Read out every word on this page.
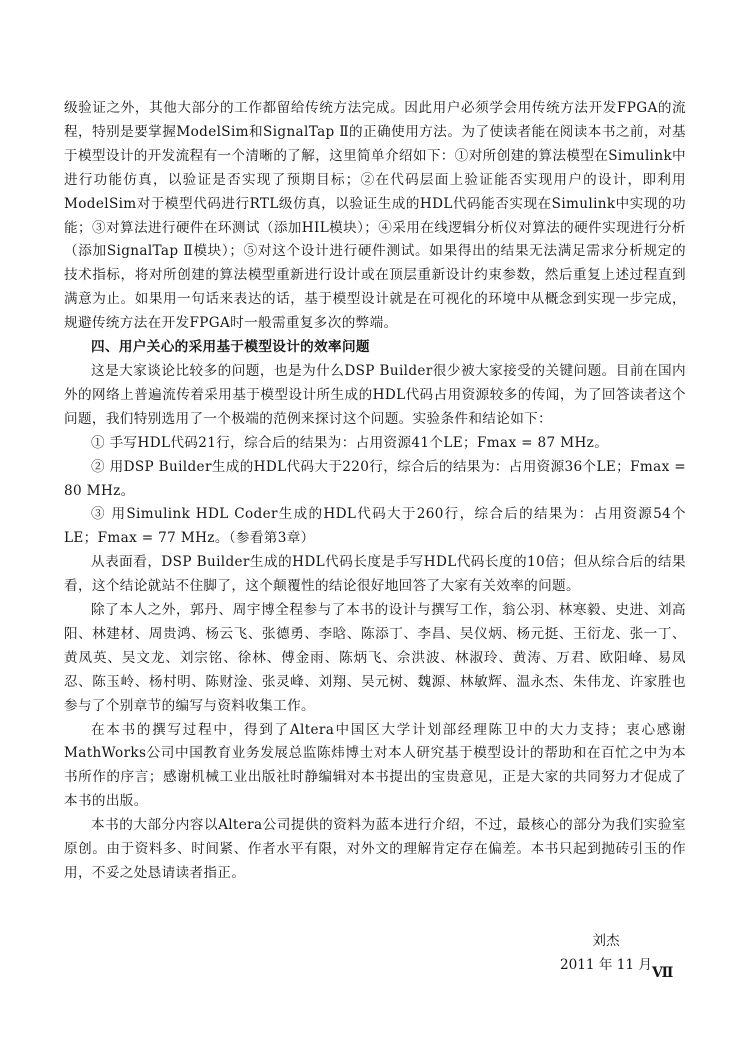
级验证之外，其他大部分的工作都留给传统方法完成。因此用户必须学会用传统方法开发FPGA的流程，特别是要掌握ModelSim和SignalTap Ⅱ的正确使用方法。为了使读者能在阅读本书之前，对基于模型设计的开发流程有一个清晰的了解，这里简单介绍如下：①对所创建的算法模型在Simulink中进行功能仿真，以验证是否实现了预期目标；②在代码层面上验证能否实现用户的设计，即利用ModelSim对于模型代码进行RTL级仿真，以验证生成的HDL代码能否实现在Simulink中实现的功能；③对算法进行硬件在环测试（添加HIL模块）；④采用在线逻辑分析仪对算法的硬件实现进行分析（添加SignalTap Ⅱ模块）；⑤对这个设计进行硬件测试。如果得出的结果无法满足需求分析规定的技术指标，将对所创建的算法模型重新进行设计或在顶层重新设计约束参数，然后重复上述过程直到满意为止。如果用一句话来表达的话，基于模型设计就是在可视化的环境中从概念到实现一步完成，规避传统方法在开发FPGA时一般需重复多次的弊端。

四、用户关心的采用基于模型设计的效率问题

这是大家谈论比较多的问题，也是为什么DSP Builder很少被大家接受的关键问题。目前在国内外的网络上普遍流传着采用基于模型设计所生成的HDL代码占用资源较多的传闻，为了回答读者这个问题，我们特别选用了一个极端的范例来探讨这个问题。实验条件和结论如下：

① 手写HDL代码21行，综合后的结果为：占用资源41个LE；Fmax = 87 MHz。

② 用DSP Builder生成的HDL代码大于220行，综合后的结果为：占用资源36个LE；Fmax = 80 MHz。

③ 用Simulink HDL Coder生成的HDL代码大于260行，综合后的结果为：占用资源54个LE；Fmax = 77 MHz。（参看第3章）

从表面看，DSP Builder生成的HDL代码长度是手写HDL代码长度的10倍；但从综合后的结果看，这个结论就站不住脚了，这个颠覆性的结论很好地回答了大家有关效率的问题。

除了本人之外，郭丹、周宇博全程参与了本书的设计与撰写工作，翁公羽、林寒毅、史进、刘高阳、林建材、周贵鸿、杨云飞、张德勇、李晗、陈添丁、李昌、吴仪炳、杨元挺、王衍龙、张一丁、黄凤英、吴文龙、刘宗铭、徐林、傅金雨、陈炳飞、佘洪波、林淑玲、黄涛、万君、欧阳峰、易凤忍、陈玉岭、杨村明、陈财淦、张灵峰、刘翔、吴元树、魏源、林敏辉、温永杰、朱伟龙、许家胜也参与了个别章节的编写与资料收集工作。

在本书的撰写过程中，得到了Altera中国区大学计划部经理陈卫中的大力支持；衷心感谢MathWorks公司中国教育业务发展总监陈炜博士对本人研究基于模型设计的帮助和在百忙之中为本书所作的序言；感谢机械工业出版社时静编辑对本书提出的宝贵意见，正是大家的共同努力才促成了本书的出版。

本书的大部分内容以Altera公司提供的资料为蓝本进行介绍，不过，最核心的部分为我们实验室原创。由于资料多、时间紧、作者水平有限，对外文的理解肯定存在偏差。本书只起到抛砖引玉的作用，不妥之处恳请读者指正。

刘杰
2011 年 11 月
Ⅶ
